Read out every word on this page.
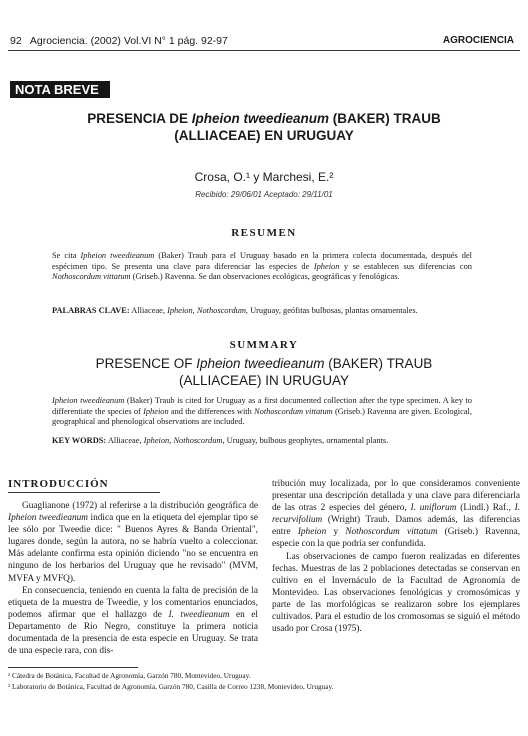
92 Agrociencia. (2002) Vol.VI N° 1 pág. 92-97	AGROCIENCIA
NOTA BREVE
PRESENCIA DE Ipheion tweedieanum (BAKER) TRAUB
(ALLIACEAE) EN URUGUAY
Crosa, O.¹ y Marchesi, E.²
Recibido: 29/06/01 Aceptado: 29/11/01
RESUMEN
Se cita Ipheion tweedieanum (Baker) Traub para el Uruguay basado en la primera colecta documentada, después del espécimen tipo. Se presenta una clave para diferenciar las especies de Ipheion y se establecen sus diferencias con Nothoscordum vittatum (Griseb.) Ravenna. Se dan observaciones ecológicas, geográficas y fenológicas.
PALABRAS CLAVE: Alliaceae, Ipheion, Nothoscordum, Uruguay, geófitas bulbosas, plantas ornamentales.
SUMMARY
PRESENCE OF Ipheion tweedieanum (BAKER) TRAUB
(ALLIACEAE) IN URUGUAY
Ipheion tweedieanum (Baker) Traub is cited for Uruguay as a first documented collection after the type specimen. A key to differentiate the species of Ipheion and the differences with Nothoscordum vittatum (Griseb.) Ravenna are given. Ecological, geographical and phenological observations are included.
KEY WORDS: Alliaceae, Ipheion, Nothoscordum, Uruguay, bulbous geophytes, ornamental plants.
INTRODUCCIÓN

Guaglianone (1972) al referirse a la distribución geográfica de Ipheion tweedieanum indica que en la etiqueta del ejemplar tipo se lee sólo por Tweedie dice: " Buenos Ayres & Banda Oriental", lugares donde, según la autora, no se habría vuelto a coleccionar. Más adelante confirma esta opinión diciendo "no se encuentra en ninguno de los herbarios del Uruguay que he revisado" (MVM, MVFA y MVFQ).

En consecuencia, teniendo en cuenta la falta de precisión de la etiqueta de la muestra de Tweedie, y los comentarios enunciados, podemos afirmar que el hallazgo de I. tweedieanum en el Departamento de Río Negro, constituye la primera noticia documentada de la presencia de esta especie en Uruguay. Se trata de una especie rara, con dis-

tribución muy localizada, por lo que consideramos conveniente presentar una descripción detallada y una clave para diferenciarla de las otras 2 especies del género, I. uniflorum (Lindl.) Raf., I. recurvifolium (Wright) Traub. Damos además, las diferencias entre Ipheion y Nothoscordum vittatum (Griseb.) Ravenna, especie con la que podría ser confundida.

Las observaciones de campo fueron realizadas en diferentes fechas. Muestras de las 2 poblaciones detectadas se conservan en cultivo en el Invernáculo de la Facultad de Agronomía de Montevideo. Las observaciones fenológicas y cromosómicas y parte de las morfológicas se realizaron sobre los ejemplares cultivados. Para el estudio de los cromosomas se siguió el método usado por Crosa (1975).

¹ Cátedra de Botánica, Facultad de Agronomía, Garzón 780, Montevideo, Uruguay.
² Laboratorio de Botánica, Facultad de Agronomía, Garzón 780, Casilla de Correo 1238, Montevideo, Uruguay.
